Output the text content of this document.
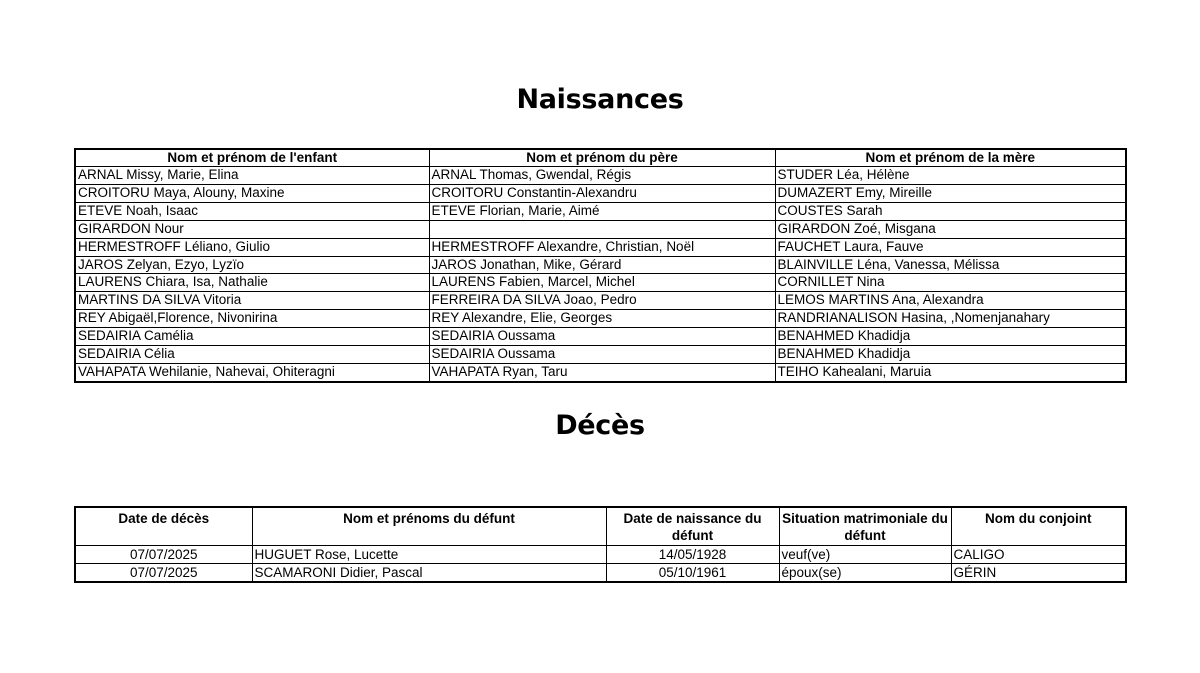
Naissances
Nom et prénom de l'enfant	Nom et prénom du père	Nom et prénom de la mère
ARNAL Missy, Marie, Elina	ARNAL Thomas, Gwendal, Régis	STUDER Léa, Hélène
CROITORU Maya, Alouny, Maxine	CROITORU Constantin-Alexandru	DUMAZERT Emy, Mireille
ETEVE Noah, Isaac	ETEVE Florian, Marie, Aimé	COUSTES Sarah
GIRARDON Nour		GIRARDON Zoé, Misgana
HERMESTROFF Léliano, Giulio	HERMESTROFF Alexandre, Christian, Noël	FAUCHET Laura, Fauve
JAROS Zelyan, Ezyo, Lyzïo	JAROS Jonathan, Mike, Gérard	BLAINVILLE Léna, Vanessa, Mélissa
LAURENS Chiara, Isa, Nathalie	LAURENS Fabien, Marcel, Michel	CORNILLET Nina
MARTINS DA SILVA Vitoria	FERREIRA DA SILVA Joao, Pedro	LEMOS MARTINS Ana, Alexandra
REY Abigaël,Florence, Nivonirina	REY Alexandre, Elie, Georges	RANDRIANALISON Hasina, ,Nomenjanahary
SEDAIRIA Camélia	SEDAIRIA Oussama	BENAHMED Khadidja
SEDAIRIA Célia	SEDAIRIA Oussama	BENAHMED Khadidja
VAHAPATA Wehilanie, Nahevai, Ohiteragni	VAHAPATA Ryan, Taru	TEIHO Kahealani, Maruia
Décès
Date de décès	Nom et prénoms du défunt	Date de naissance du défunt	Situation matrimoniale du défunt	Nom du conjoint
07/07/2025	HUGUET Rose, Lucette	14/05/1928	veuf(ve)	CALIGO
07/07/2025	SCAMARONI Didier, Pascal	05/10/1961	époux(se)	GÉRIN
